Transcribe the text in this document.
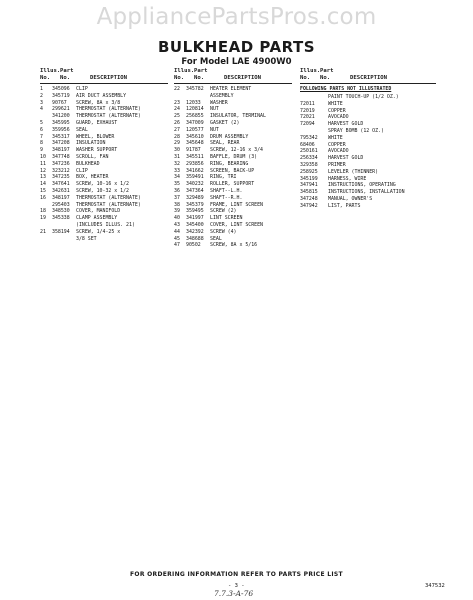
AppliancePartsPros.com
BULKHEAD PARTS
For Model LAE 4900W0
Illus. Part
No.	No.	DESCRIPTION
1	345096	CLIP
2	345719	AIR DUCT ASSEMBLY
3	90767	SCREW, 8A x 3/8
4	299621	THERMOSTAT (ALTERNATE)
341200	THERMOSTAT (ALTERNATE)
5	345995	GUARD, EXHAUST
6	359956	SEAL
7	345317	WHEEL, BLOWER
8	347208	INSULATION
9	348197	WASHER SUPPORT
10	347748	SCROLL, FAN
11	347236	BULKHEAD
12	323212	CLIP
13	347235	BOX, HEATER
14	347641	SCREW, 10-16 x 1/2
15	342631	SCREW, 10-32 x 1/2
16	348197	THERMOSTAT (ALTERNATE)
295403	THERMOSTAT (ALTERNATE)
18	348530	COVER, MANIFOLD
19	345338	CLAMP ASSEMBLY
(INCLUDES ILLUS. 21)
21	358194	SCREW, 1/4-25 x
3/8 SET
Illus. Part
No.	No.	DESCRIPTION
22	345782	HEATER ELEMENT
ASSEMBLY
23	12033	WASHER
24	120814	NUT
25	256855	INSULATOR, TERMINAL
26	347009	GASKET (2)
27	120577	NUT
28	345610	DRUM ASSEMBLY
29	345648	SEAL, REAR
30	91787	SCREW, 12-16 x 3/4
31	345511	BAFFLE, DRUM (3)
32	293856	RING, BEARING
33	341662	SCREEN, BACK-UP
34	359491	RING, TRI
35	340232	ROLLER, SUPPORT
36	347364	SHAFT--L.H.
37	329489	SHAFT--R.H.
38	345379	FRAME, LINT SCREEN
39	359495	SCREW (2)
40	341997	LINT SCREEN
43	345400	COVER, LINT SCREEN
44	342392	SCREW (4)
45	348688	SEAL
47	90502	SCREW, 8A x 5/16
Illus. Part
No.	No.	DESCRIPTION
FOLLOWING PARTS NOT ILLUSTRATED
PAINT TOUCH-UP (1/2 OZ.)
72011	WHITE
72019	COPPER
72021	AVOCADO
72094	HARVEST GOLD
SPRAY BOMB (12 OZ.)
795342	WHITE
68406	COPPER
250161	AVOCADO
256334	HARVEST GOLD
329358	PRIMER
258925	LEVELER (THINNER)
345199	HARNESS, WIRE
347941	INSTRUCTIONS, OPERATING
345815	INSTRUCTIONS, INSTALLATION
347248	MANUAL, OWNER'S
347942	LIST, PARTS
FOR ORDERING INFORMATION REFER TO PARTS PRICE LIST
- 3 -	347532
7.7.3-A-76
